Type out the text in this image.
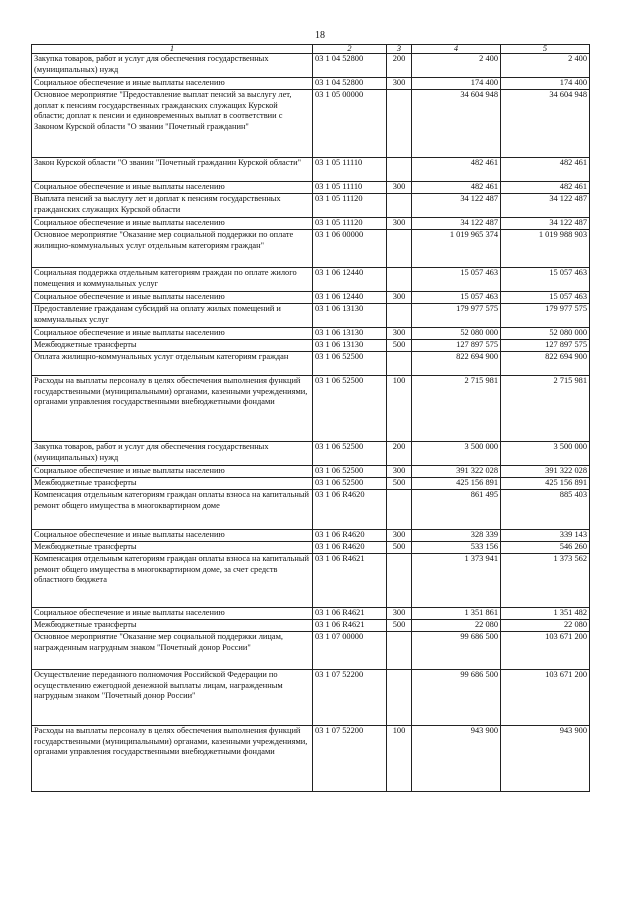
18
1	2	3	4	5
Закупка товаров, работ и услуг для обеспечения государственных (муниципальных) нужд	03 1 04 52800	200	2 400	2 400
Социальное обеспечение и иные выплаты населению	03 1 04 52800	300	174 400	174 400
Основное мероприятие "Предоставление выплат пенсий за выслугу лет, доплат к пенсиям государственных гражданских служащих Курской области; доплат к пенсии и единовременных выплат в соответствии с Законом Курской области "О звании "Почетный гражданин"	03 1 05 00000		34 604 948	34 604 948
Закон Курской области "О званин "Почетный гражданин Курской области"	03 1 05 11110		482 461	482 461
Социальное обеспечение и иные выплаты населению	03 1 05 11110	300	482 461	482 461
Выплата пенсий за выслугу лет и доплат к пенсиям государственных гражданских служащих Курской области	03 1 05 11120		34 122 487	34 122 487
Социальное обеспечение и иные выплаты населению	03 1 05 11120	300	34 122 487	34 122 487
Основное мероприятие "Оказание мер социальной поддержки по оплате жилищно-коммунальных услуг отдельным категориям граждан"	03 1 06 00000		1 019 965 374	1 019 988 903
Социальная поддержка отдельным категориям граждан по оплате жилого помещения и коммунальных услуг	03 1 06 12440		15 057 463	15 057 463
Социальное обеспечение и иные выплаты населению	03 1 06 12440	300	15 057 463	15 057 463
Предоставление гражданам субсидий на оплату жилых помещений и коммунальных услуг	03 1 06 13130		179 977 575	179 977 575
Социальное обеспечение и иные выплаты населению	03 1 06 13130	300	52 080 000	52 080 000
Межбюджетные трансферты	03 1 06 13130	500	127 897 575	127 897 575
Оплата жилищно-коммунальных услуг отдельным категориям граждан	03 1 06 52500		822 694 900	822 694 900
Расходы на выплаты персоналу в целях обеспечения выполнения функций государственными (муниципальными) органами, казенными учреждениями, органами управления государственными внебюджетными фондами	03 1 06 52500	100	2 715 981	2 715 981
Закупка товаров, работ и услуг для обеспечения государственных (муниципальных) нужд	03 1 06 52500	200	3 500 000	3 500 000
Социальное обеспечение и иные выплаты населению	03 1 06 52500	300	391 322 028	391 322 028
Межбюджетные трансферты	03 1 06 52500	500	425 156 891	425 156 891
Компенсация отдельным категориям граждан оплаты взноса на капитальный ремонт общего имущества в многоквартирном доме	03 1 06 R4620		861 495	885 403
Социальное обеспечение и иные выплаты населению	03 1 06 R4620	300	328 339	339 143
Межбюджетные трансферты	03 1 06 R4620	500	533 156	546 260
Компенсация отдельным категориям граждан оплаты взноса на капитальный ремонт общего имущества в многоквартирном доме, за счет средств областного бюджета	03 1 06 R4621		1 373 941	1 373 562
Социальное обеспечение и иные выплаты населению	03 1 06 R4621	300	1 351 861	1 351 482
Межбюджетные трансферты	03 1 06 R4621	500	22 080	22 080
Основное мероприятие "Оказание мер социальной поддержки лицам, награжденным нагрудным знаком "Почетный донор России"	03 1 07 00000		99 686 500	103 671 200
Осуществление переданного полномочия Российской Федерации по осуществлению ежегодной денежной выплаты лицам, награжденным нагрудным знаком "Почетный донор России"	03 1 07 52200		99 686 500	103 671 200
Расходы на выплаты персоналу в целях обеспечения выполнения функций государственными (муниципальными) органами, казенными учреждениями, органами управления государственными внебюджетными фондами	03 1 07 52200	100	943 900	943 900
